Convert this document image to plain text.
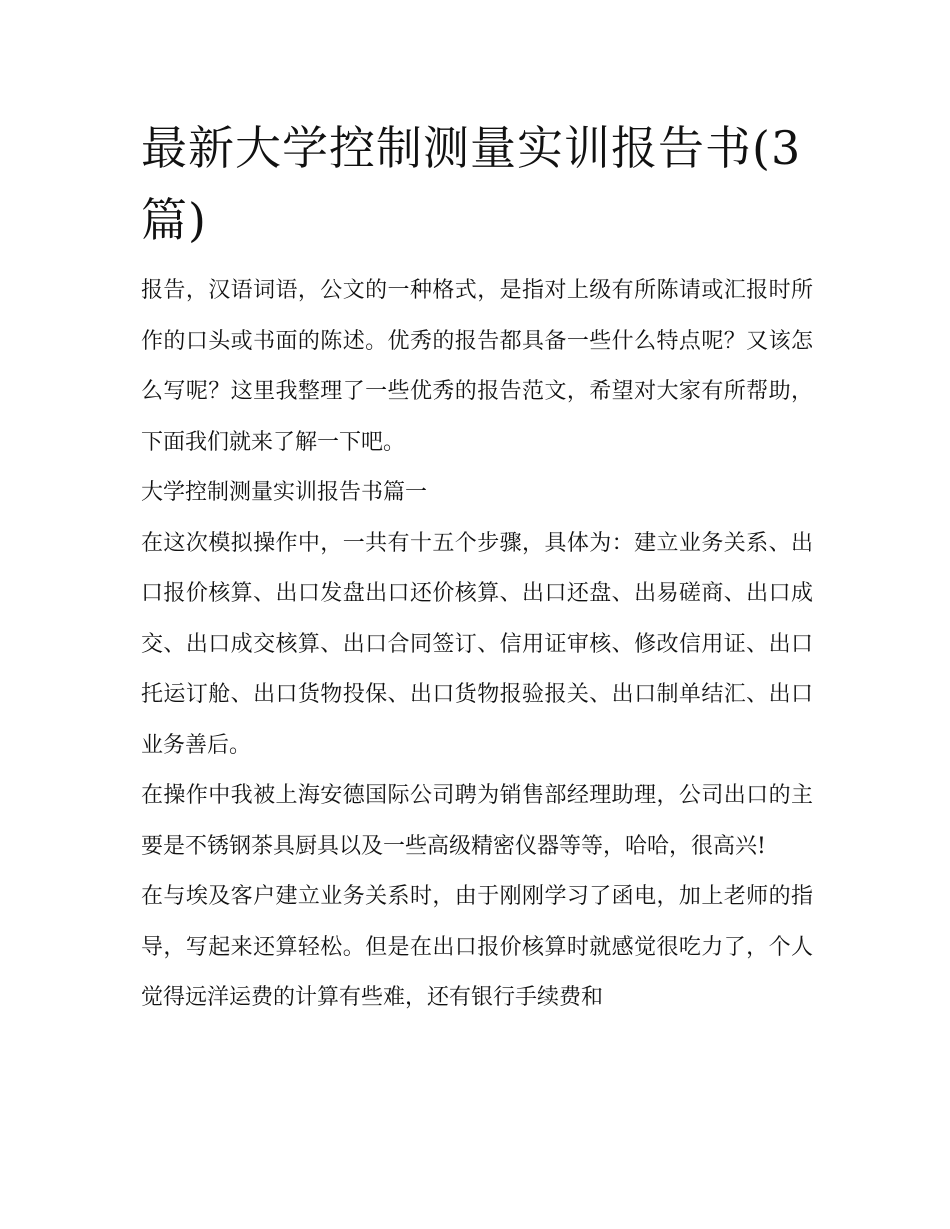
最新大学控制测量实训报告书(3篇)

报告，汉语词语，公文的一种格式，是指对上级有所陈请或汇报时所作的口头或书面的陈述。优秀的报告都具备一些什么特点呢？又该怎么写呢？这里我整理了一些优秀的报告范文，希望对大家有所帮助，下面我们就来了解一下吧。

大学控制测量实训报告书篇一

在这次模拟操作中，一共有十五个步骤，具体为：建立业务关系、出口报价核算、出口发盘出口还价核算、出口还盘、出易磋商、出口成交、出口成交核算、出口合同签订、信用证审核、修改信用证、出口托运订舱、出口货物投保、出口货物报验报关、出口制单结汇、出口业务善后。

在操作中我被上海安德国际公司聘为销售部经理助理，公司出口的主要是不锈钢茶具厨具以及一些高级精密仪器等等，哈哈，很高兴!

在与埃及客户建立业务关系时，由于刚刚学习了函电，加上老师的指导，写起来还算轻松。但是在出口报价核算时就感觉很吃力了，个人觉得远洋运费的计算有些难，还有银行手续费和
